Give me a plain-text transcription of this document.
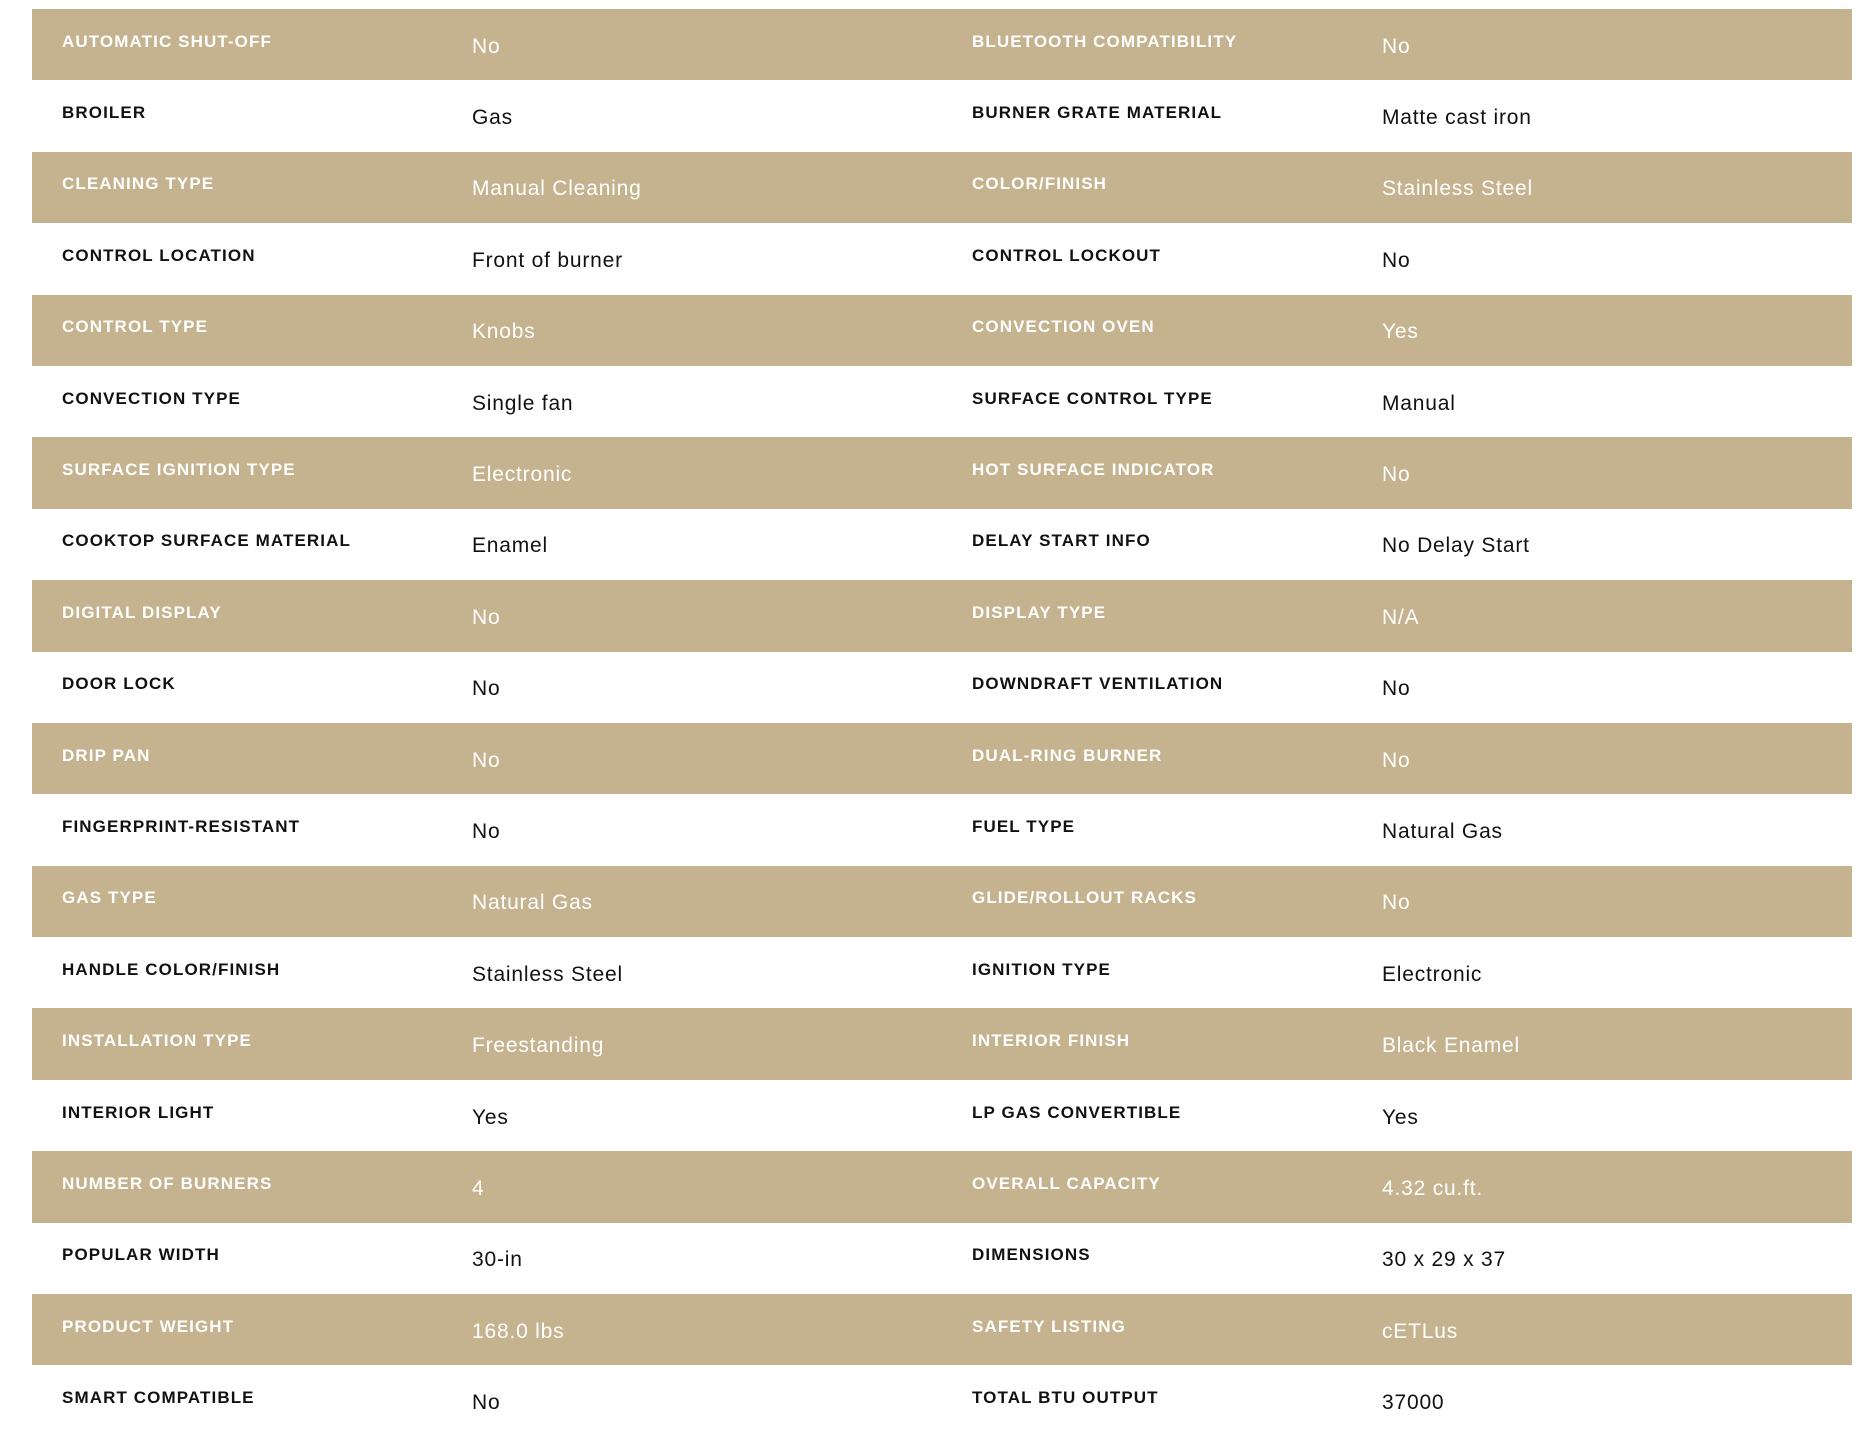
AUTOMATIC SHUT-OFF	No	BLUETOOTH COMPATIBILITY	No
BROILER	Gas	BURNER GRATE MATERIAL	Matte cast iron
CLEANING TYPE	Manual Cleaning	COLOR/FINISH	Stainless Steel
CONTROL LOCATION	Front of burner	CONTROL LOCKOUT	No
CONTROL TYPE	Knobs	CONVECTION OVEN	Yes
CONVECTION TYPE	Single fan	SURFACE CONTROL TYPE	Manual
SURFACE IGNITION TYPE	Electronic	HOT SURFACE INDICATOR	No
COOKTOP SURFACE MATERIAL	Enamel	DELAY START INFO	No Delay Start
DIGITAL DISPLAY	No	DISPLAY TYPE	N/A
DOOR LOCK	No	DOWNDRAFT VENTILATION	No
DRIP PAN	No	DUAL-RING BURNER	No
FINGERPRINT-RESISTANT	No	FUEL TYPE	Natural Gas
GAS TYPE	Natural Gas	GLIDE/ROLLOUT RACKS	No
HANDLE COLOR/FINISH	Stainless Steel	IGNITION TYPE	Electronic
INSTALLATION TYPE	Freestanding	INTERIOR FINISH	Black Enamel
INTERIOR LIGHT	Yes	LP GAS CONVERTIBLE	Yes
NUMBER OF BURNERS	4	OVERALL CAPACITY	4.32 cu.ft.
POPULAR WIDTH	30-in	DIMENSIONS	30 x 29 x 37
PRODUCT WEIGHT	168.0 lbs	SAFETY LISTING	cETLus
SMART COMPATIBLE	No	TOTAL BTU OUTPUT	37000
